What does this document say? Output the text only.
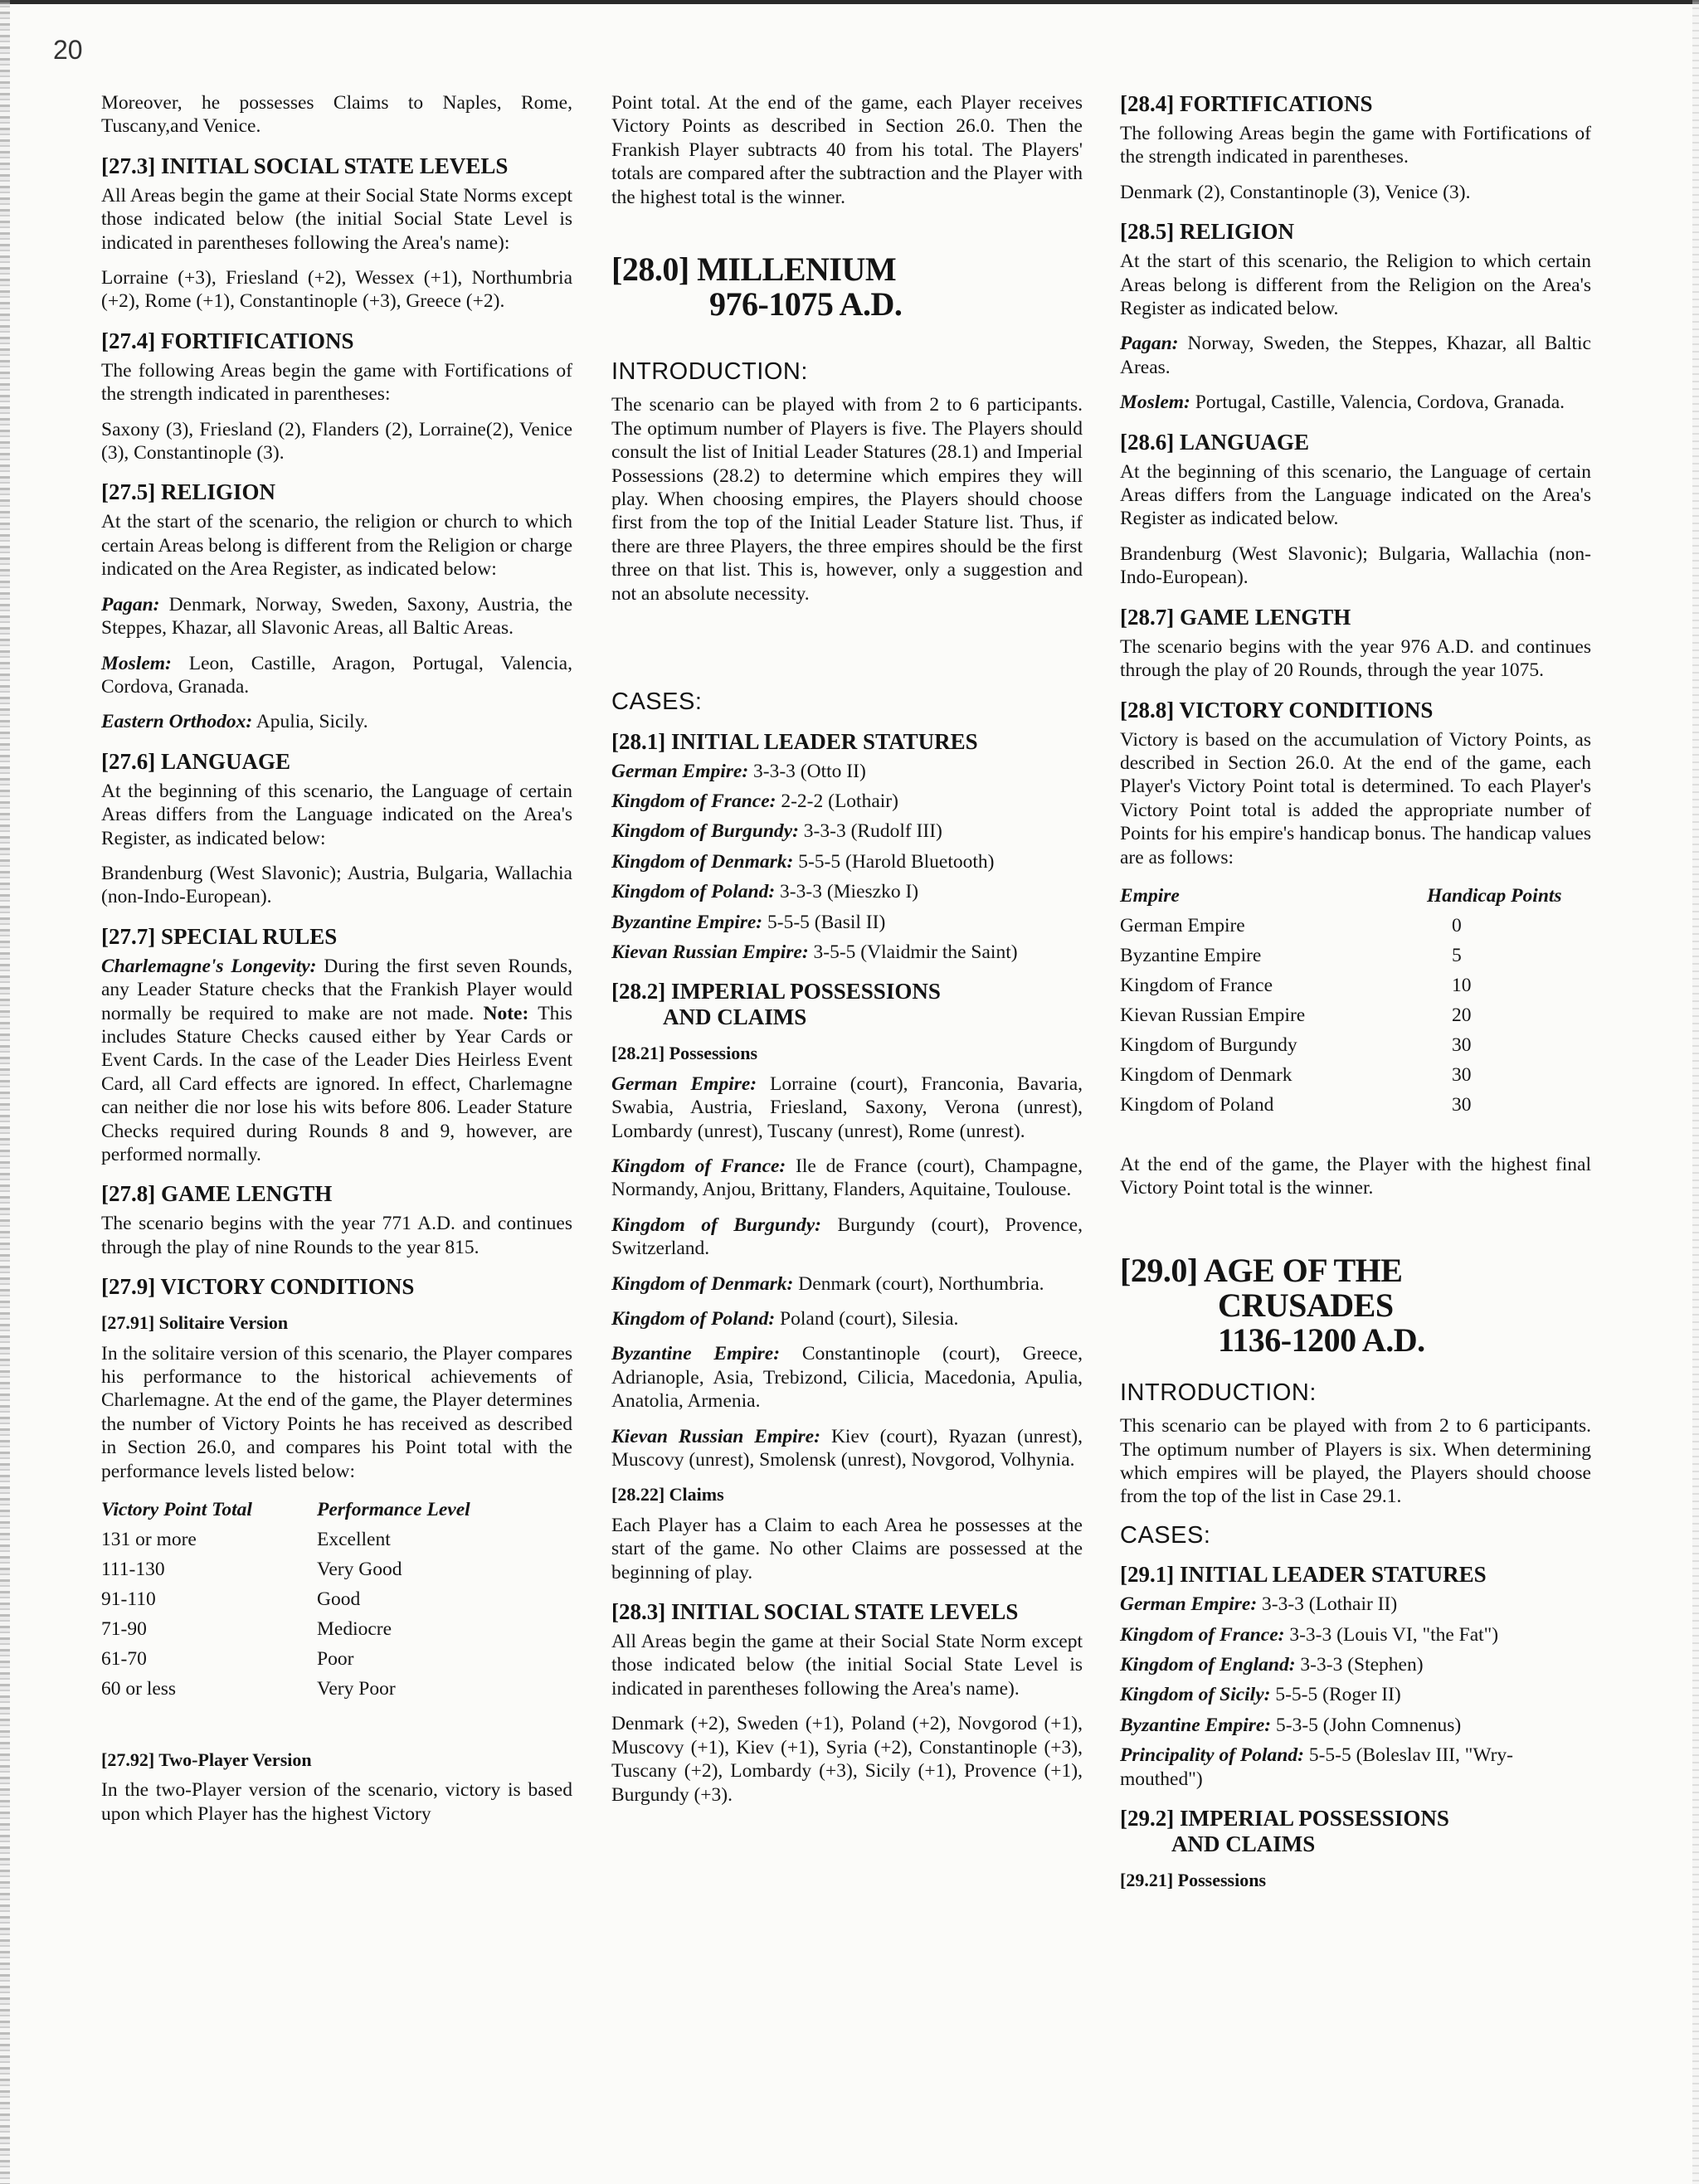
20

Moreover, he possesses Claims to Naples, Rome, Tuscany,and Venice.

[27.3] INITIAL SOCIAL STATE LEVELS

All Areas begin the game at their Social State Norms except those indicated below (the initial Social State Level is indicated in parentheses following the Area's name):

Lorraine (+3), Friesland (+2), Wessex (+1), Northumbria (+2), Rome (+1), Constantinople (+3), Greece (+2).

[27.4] FORTIFICATIONS

The following Areas begin the game with Fortifications of the strength indicated in parentheses:

Saxony (3), Friesland (2), Flanders (2), Lorraine(2), Venice (3), Constantinople (3).

[27.5] RELIGION

At the start of the scenario, the religion or church to which certain Areas belong is different from the Religion or charge indicated on the Area Register, as indicated below:

Pagan: Denmark, Norway, Sweden, Saxony, Austria, the Steppes, Khazar, all Slavonic Areas, all Baltic Areas.

Moslem: Leon, Castille, Aragon, Portugal, Valencia, Cordova, Granada.

Eastern Orthodox: Apulia, Sicily.

[27.6] LANGUAGE

At the beginning of this scenario, the Language of certain Areas differs from the Language indicated on the Area's Register, as indicated below:

Brandenburg (West Slavonic); Austria, Bulgaria, Wallachia (non-Indo-European).

[27.7] SPECIAL RULES

Charlemagne's Longevity: During the first seven Rounds, any Leader Stature checks that the Frankish Player would normally be required to make are not made. Note: This includes Stature Checks caused either by Year Cards or Event Cards. In the case of the Leader Dies Heirless Event Card, all Card effects are ignored. In effect, Charlemagne can neither die nor lose his wits before 806. Leader Stature Checks required during Rounds 8 and 9, however, are performed normally.

[27.8] GAME LENGTH

The scenario begins with the year 771 A.D. and continues through the play of nine Rounds to the year 815.

[27.9] VICTORY CONDITIONS
[27.91] Solitaire Version

In the solitaire version of this scenario, the Player compares his performance to the historical achievements of Charlemagne. At the end of the game, the Player determines the number of Victory Points he has received as described in Section 26.0, and compares his Point total with the performance levels listed below:

Victory Point Total	Performance Level
131 or more	Excellent
111-130	Very Good
91-110	Good
71-90	Mediocre
61-70	Poor
60 or less	Very Poor
[27.92] Two-Player Version

In the two-Player version of the scenario, victory is based upon which Player has the highest Victory

Point total. At the end of the game, each Player receives Victory Points as described in Section 26.0. Then the Frankish Player subtracts 40 from his total. The Players' totals are compared after the subtraction and the Player with the highest total is the winner.

[28.0] MILLENIUM
976-1075 A.D.
INTRODUCTION:

The scenario can be played with from 2 to 6 participants. The optimum number of Players is five. The Players should consult the list of Initial Leader Statures (28.1) and Imperial Possessions (28.2) to determine which empires they will play. When choosing empires, the Players should choose first from the top of the Initial Leader Stature list. Thus, if there are three Players, the three empires should be the first three on that list. This is, however, only a suggestion and not an absolute necessity.

CASES:
[28.1] INITIAL LEADER STATURES
German Empire: 3-3-3 (Otto II)
Kingdom of France: 2-2-2 (Lothair)
Kingdom of Burgundy: 3-3-3 (Rudolf III)
Kingdom of Denmark: 5-5-5 (Harold Bluetooth)
Kingdom of Poland: 3-3-3 (Mieszko I)
Byzantine Empire: 5-5-5 (Basil II)
Kievan Russian Empire: 3-5-5 (Vlaidmir the Saint)
[28.2] IMPERIAL POSSESSIONS
AND CLAIMS
[28.21] Possessions

German Empire: Lorraine (court), Franconia, Bavaria, Swabia, Austria, Friesland, Saxony, Verona (unrest), Lombardy (unrest), Tuscany (unrest), Rome (unrest).

Kingdom of France: Ile de France (court), Champagne, Normandy, Anjou, Brittany, Flanders, Aquitaine, Toulouse.

Kingdom of Burgundy: Burgundy (court), Provence, Switzerland.

Kingdom of Denmark: Denmark (court), Northumbria.

Kingdom of Poland: Poland (court), Silesia.

Byzantine Empire: Constantinople (court), Greece, Adrianople, Asia, Trebizond, Cilicia, Macedonia, Apulia, Anatolia, Armenia.

Kievan Russian Empire: Kiev (court), Ryazan (unrest), Muscovy (unrest), Smolensk (unrest), Novgorod, Volhynia.

[28.22] Claims

Each Player has a Claim to each Area he possesses at the start of the game. No other Claims are possessed at the beginning of play.

[28.3] INITIAL SOCIAL STATE LEVELS

All Areas begin the game at their Social State Norm except those indicated below (the initial Social State Level is indicated in parentheses following the Area's name).

Denmark (+2), Sweden (+1), Poland (+2), Novgorod (+1), Muscovy (+1), Kiev (+1), Syria (+2), Constantinople (+3), Tuscany (+2), Lombardy (+3), Sicily (+1), Provence (+1), Burgundy (+3).

[28.4] FORTIFICATIONS

The following Areas begin the game with Fortifications of the strength indicated in parentheses.

Denmark (2), Constantinople (3), Venice (3).

[28.5] RELIGION

At the start of this scenario, the Religion to which certain Areas belong is different from the Religion on the Area's Register as indicated below.

Pagan: Norway, Sweden, the Steppes, Khazar, all Baltic Areas.

Moslem: Portugal, Castille, Valencia, Cordova, Granada.

[28.6] LANGUAGE

At the beginning of this scenario, the Language of certain Areas differs from the Language indicated on the Area's Register as indicated below.

Brandenburg (West Slavonic); Bulgaria, Wallachia (non-Indo-European).

[28.7] GAME LENGTH

The scenario begins with the year 976 A.D. and continues through the play of 20 Rounds, through the year 1075.

[28.8] VICTORY CONDITIONS

Victory is based on the accumulation of Victory Points, as described in Section 26.0. At the end of the game, each Player's Victory Point total is determined. To each Player's Victory Point total is added the appropriate number of Points for his empire's handicap bonus. The handicap values are as follows:

Empire	Handicap Points
German Empire	0
Byzantine Empire	5
Kingdom of France	10
Kievan Russian Empire	20
Kingdom of Burgundy	30
Kingdom of Denmark	30
Kingdom of Poland	30

At the end of the game, the Player with the highest final Victory Point total is the winner.

[29.0] AGE OF THE
CRUSADES
1136-1200 A.D.
INTRODUCTION:

This scenario can be played with from 2 to 6 participants. The optimum number of Players is six. When determining which empires will be played, the Players should choose from the top of the list in Case 29.1.

CASES:
[29.1] INITIAL LEADER STATURES
German Empire: 3-3-3 (Lothair II)
Kingdom of France: 3-3-3 (Louis VI, "the Fat")
Kingdom of England: 3-3-3 (Stephen)
Kingdom of Sicily: 5-5-5 (Roger II)
Byzantine Empire: 5-3-5 (John Comnenus)
Principality of Poland: 5-5-5 (Boleslav III, "Wry-mouthed")
[29.2] IMPERIAL POSSESSIONS
AND CLAIMS
[29.21] Possessions
